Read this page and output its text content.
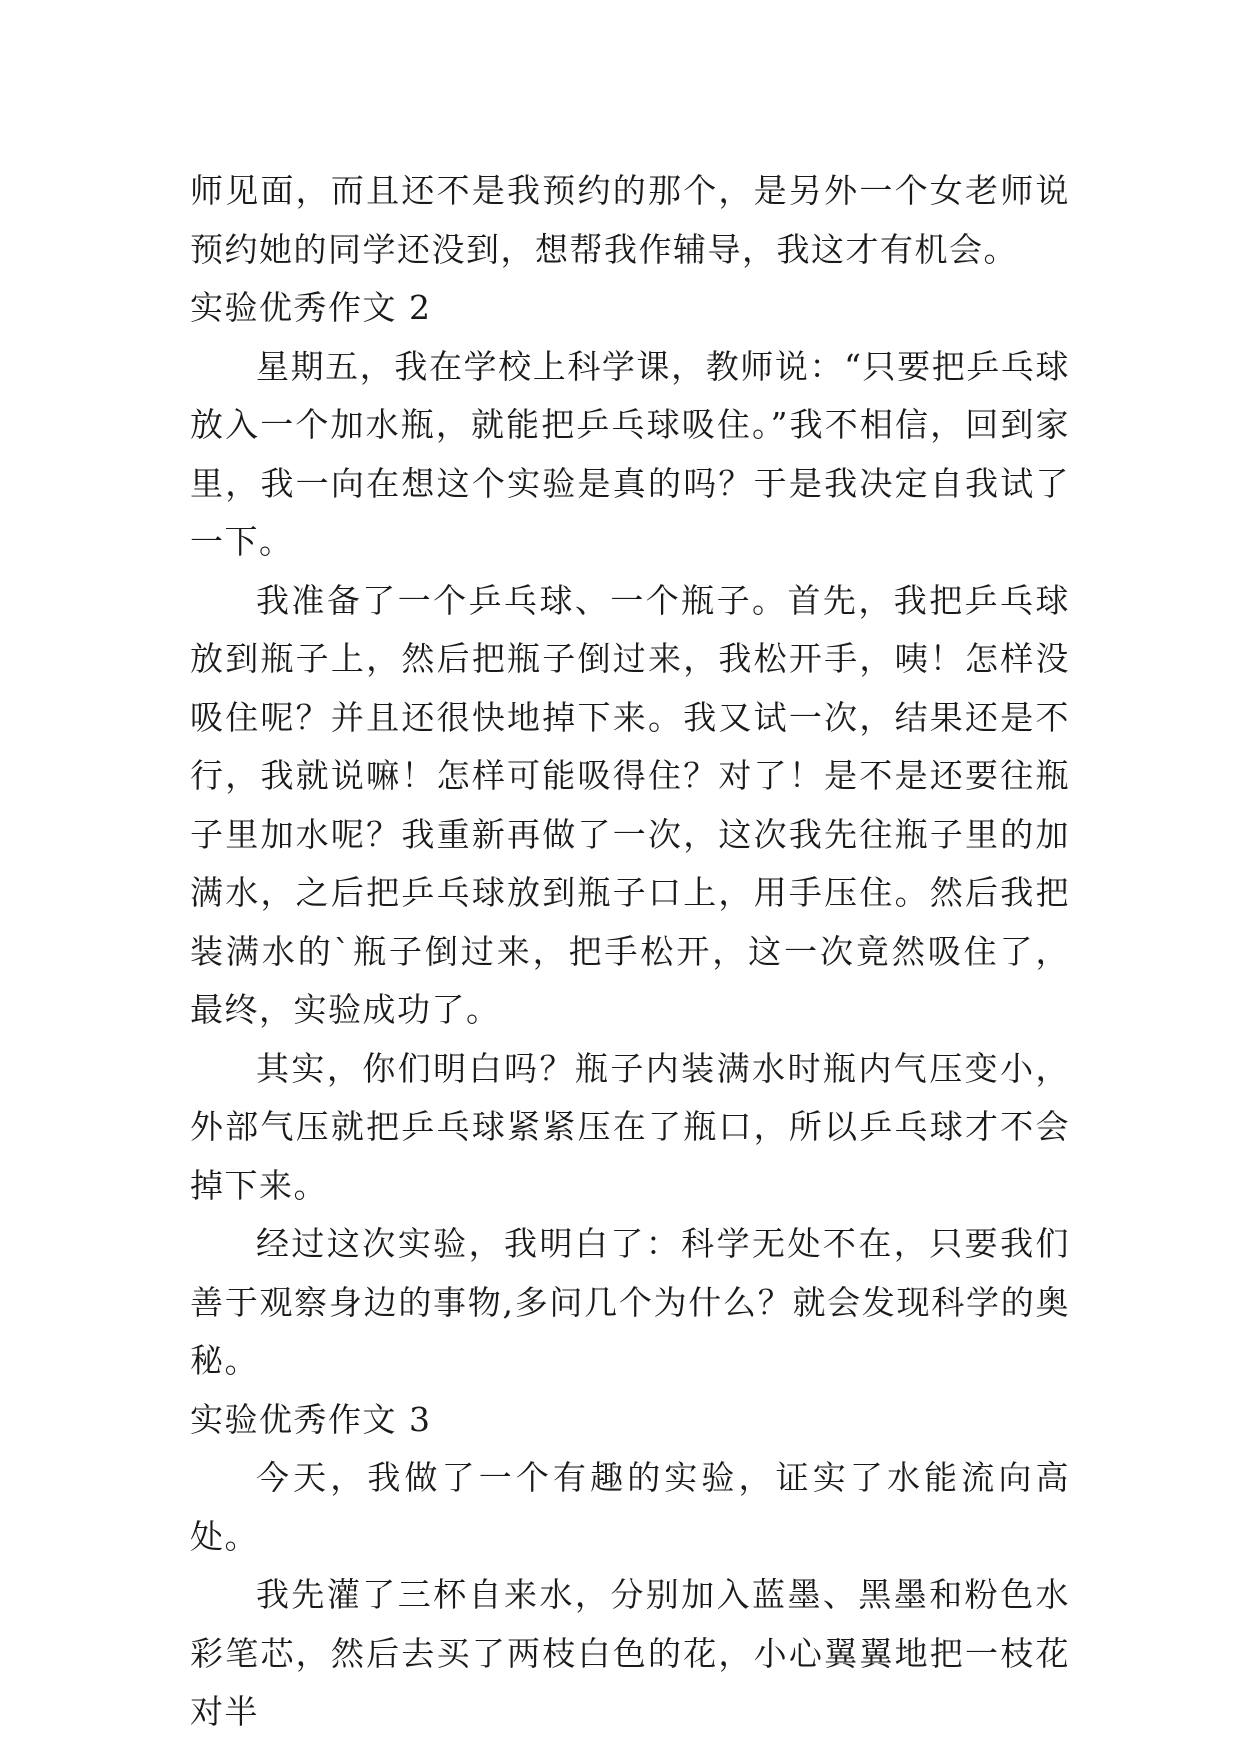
师见面，而且还不是我预约的那个，是另外一个女老师说预约她的同学还没到，想帮我作辅导，我这才有机会。

实验优秀作文 2

星期五，我在学校上科学课，教师说：“只要把乒乓球放入一个加水瓶，就能把乒乓球吸住。”我不相信，回到家里，我一向在想这个实验是真的吗？于是我决定自我试了一下。

我准备了一个乒乓球、一个瓶子。首先，我把乒乓球放到瓶子上，然后把瓶子倒过来，我松开手，咦！怎样没吸住呢？并且还很快地掉下来。我又试一次，结果还是不行，我就说嘛！怎样可能吸得住？对了！是不是还要往瓶子里加水呢？我重新再做了一次，这次我先往瓶子里的加满水，之后把乒乓球放到瓶子口上，用手压住。然后我把装满水的`瓶子倒过来，把手松开，这一次竟然吸住了，最终，实验成功了。

其实，你们明白吗？瓶子内装满水时瓶内气压变小，外部气压就把乒乓球紧紧压在了瓶口，所以乒乓球才不会掉下来。

经过这次实验，我明白了：科学无处不在，只要我们善于观察身边的事物,多问几个为什么？就会发现科学的奥秘。

实验优秀作文 3

今天，我做了一个有趣的实验，证实了水能流向高处。

我先灌了三杯自来水，分别加入蓝墨、黑墨和粉色水彩笔芯，然后去买了两枝白色的花，小心翼翼地把一枝花对半
